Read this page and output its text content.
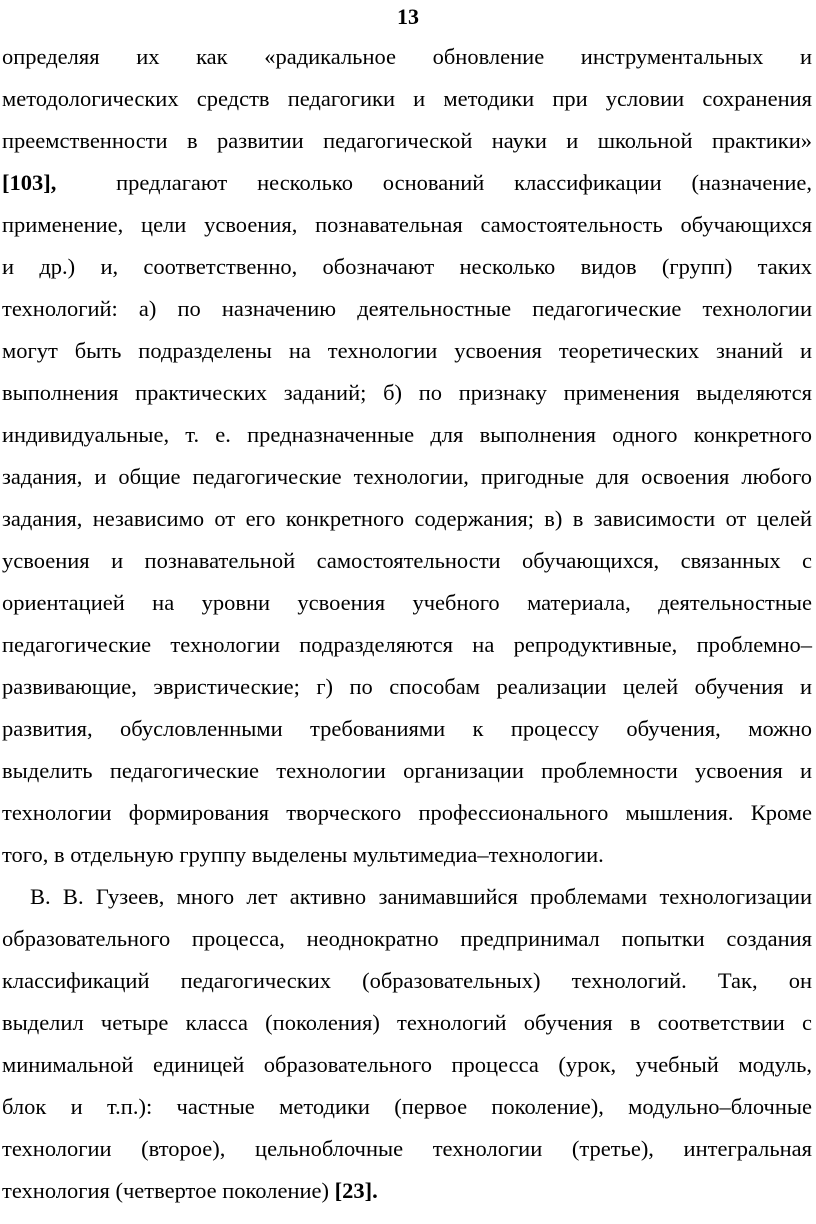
13
определяя их как «радикальное обновление инструментальных и
методологических средств педагогики и методики при условии сохранения
преемственности в развитии педагогической науки и школьной практики»
[103],	предлагают несколько оснований классификации (назначение,
применение, цели усвоения, познавательная самостоятельность обучающихся
и др.) и, соответственно, обозначают несколько видов (групп) таких
технологий: а) по назначению деятельностные педагогические технологии
могут быть подразделены на технологии усвоения теоретических знаний и
выполнения практических заданий; б) по признаку применения выделяются
индивидуальные, т. е. предназначенные для выполнения одного конкретного
задания, и общие педагогические технологии, пригодные для освоения любого
задания, независимо от его конкретного содержания; в) в зависимости от целей
усвоения и познавательной самостоятельности обучающихся, связанных с
ориентацией на уровни усвоения учебного материала, деятельностные
педагогические технологии подразделяются на репродуктивные, проблемно–
развивающие, эвристические; г) по способам реализации целей обучения и
развития, обусловленными требованиями к процессу обучения, можно
выделить педагогические технологии организации проблемности усвоения и
технологии формирования творческого профессионального мышления. Кроме
того, в отдельную группу выделены мультимедиа–технологии.
В. В. Гузеев, много лет активно занимавшийся проблемами технологизации
образовательного процесса, неоднократно предпринимал попытки создания
классификаций педагогических (образовательных) технологий. Так, он
выделил четыре класса (поколения) технологий обучения в соответствии с
минимальной единицей образовательного процесса (урок, учебный модуль,
блок и т.п.): частные методики (первое поколение), модульно–блочные
технологии (второе), цельноблочные технологии (третье), интегральная
технология (четвертое поколение) [23].
